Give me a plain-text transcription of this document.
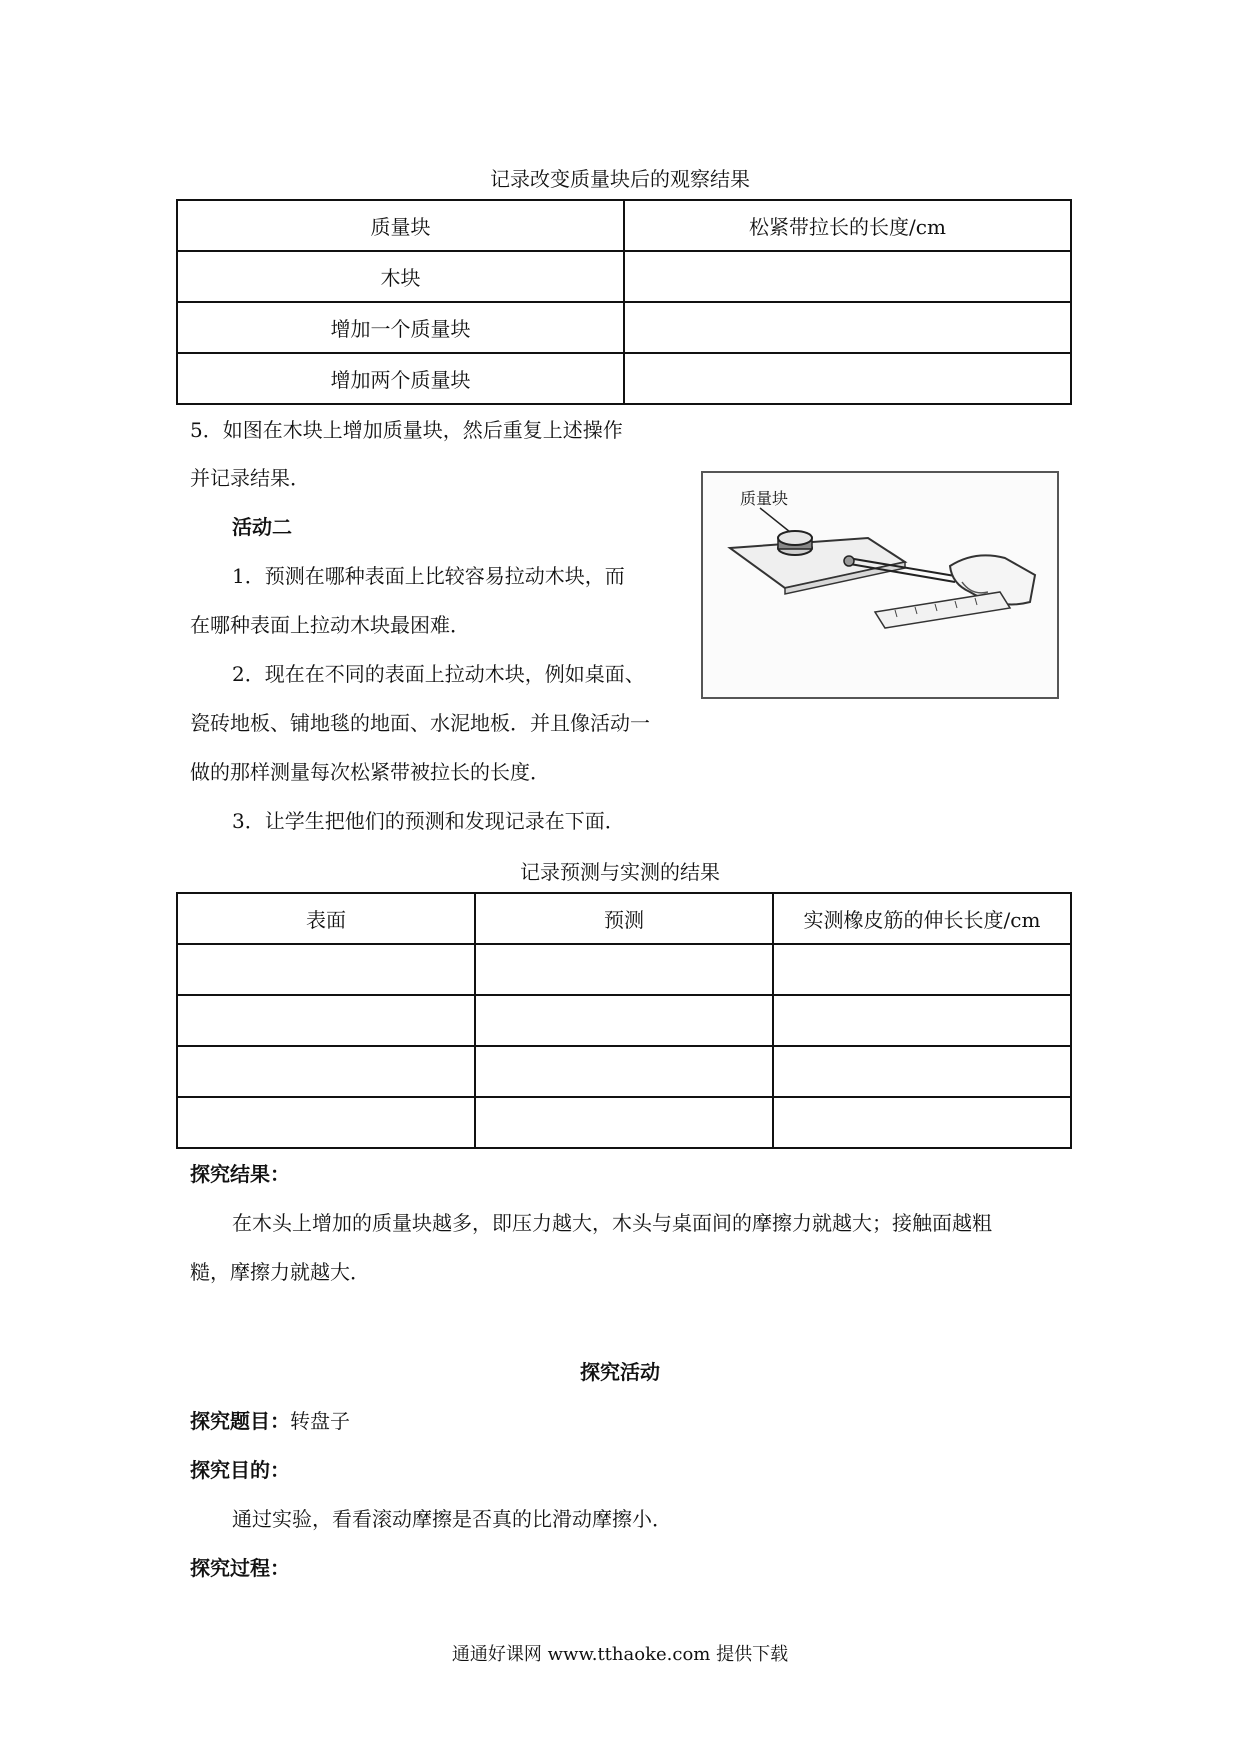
记录改变质量块后的观察结果
质量块	松紧带拉长的长度/cm
木块	
增加一个质量块	
增加两个质量块	
5．如图在木块上增加质量块，然后重复上述操作
并记录结果．
活动二
1．预测在哪种表面上比较容易拉动木块，而
在哪种表面上拉动木块最困难．
2．现在在不同的表面上拉动木块，例如桌面、
瓷砖地板、铺地毯的地面、水泥地板．并且像活动一
做的那样测量每次松紧带被拉长的长度．
3．让学生把他们的预测和发现记录在下面．
质量块
记录预测与实测的结果
表面	预测	实测橡皮筋的伸长长度/cm

探究结果：
在木头上增加的质量块越多，即压力越大，木头与桌面间的摩擦力就越大；接触面越粗
糙，摩擦力就越大．
探究活动
探究题目：转盘子
探究目的：
通过实验，看看滚动摩擦是否真的比滑动摩擦小．
探究过程：
通通好课网 www.tthaoke.com 提供下载
